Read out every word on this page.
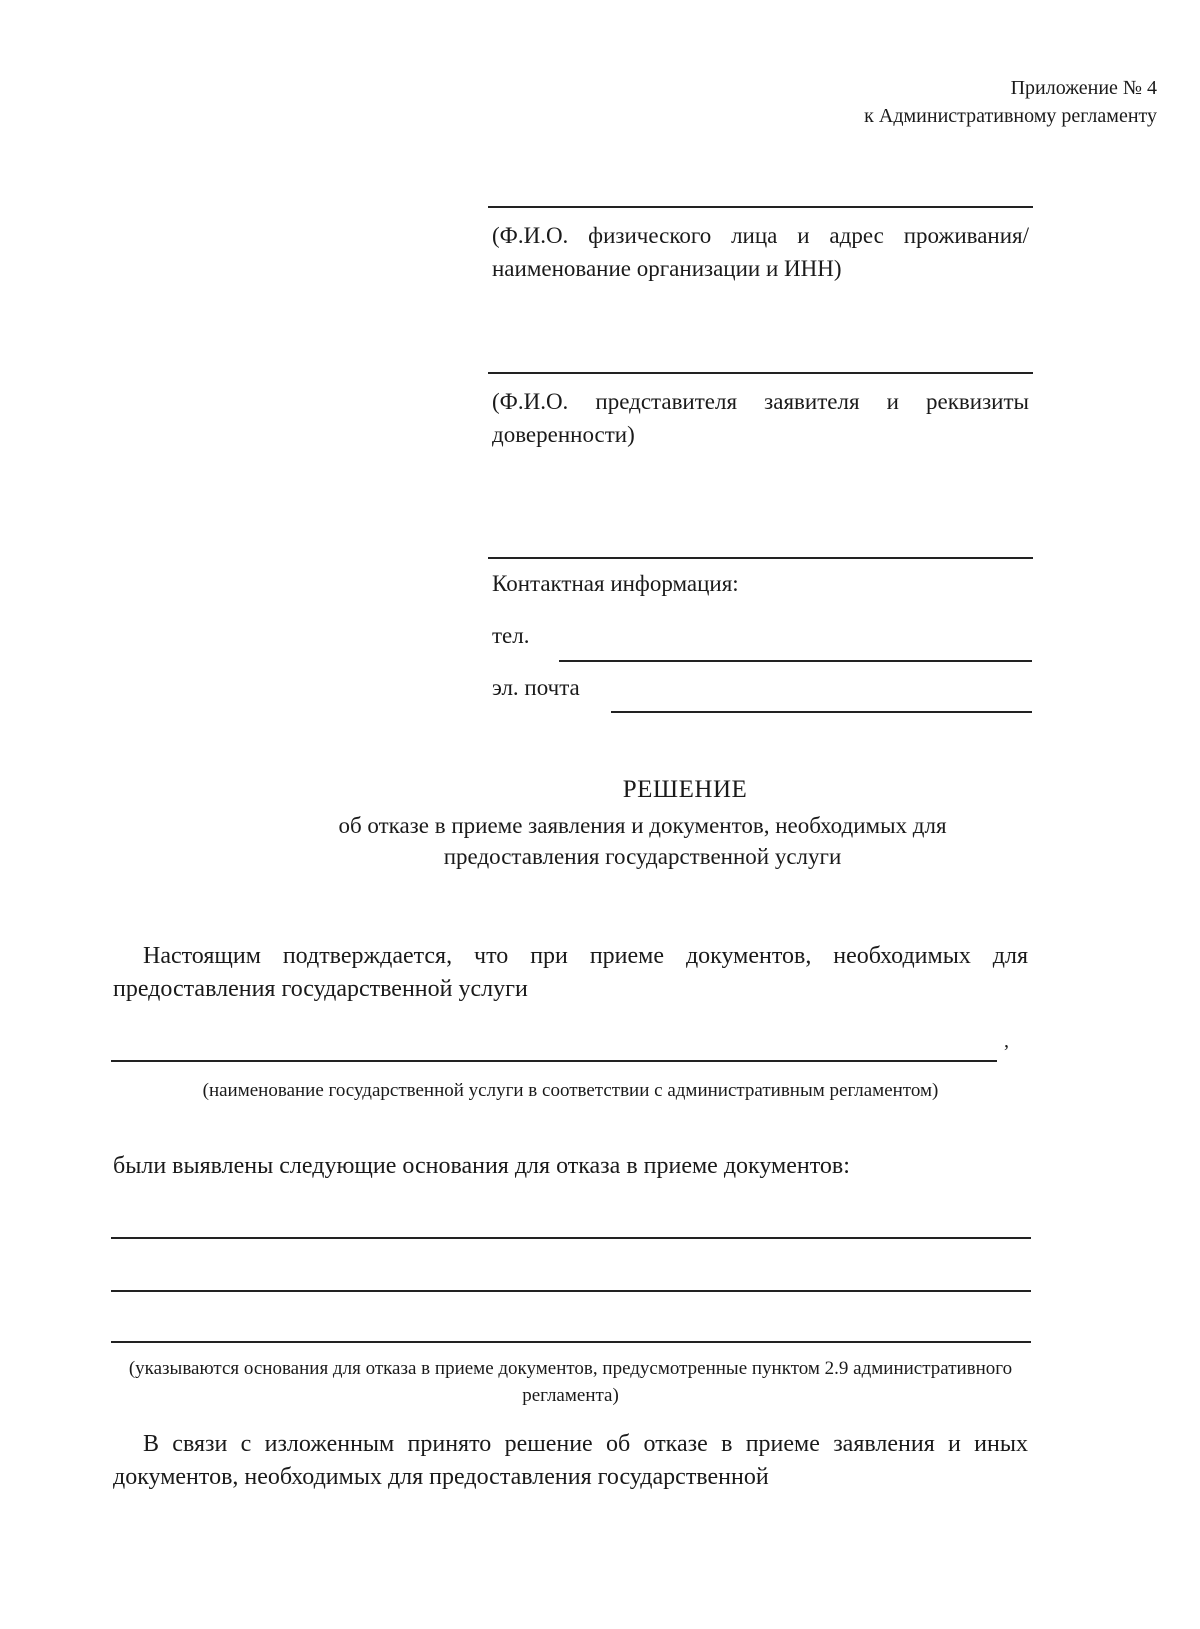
Приложение № 4
к Административному регламенту
(Ф.И.О. физического лица и адрес проживания/наименование организации и ИНН)
(Ф.И.О. представителя заявителя и реквизиты доверенности)
Контактная информация:
тел.
эл. почта
РЕШЕНИЕ
об отказе в приеме заявления и документов, необходимых для
предоставления государственной услуги
Настоящим подтверждается, что при приеме документов, необходимых для предоставления государственной услуги
,
(наименование государственной услуги в соответствии с административным регламентом)
были выявлены следующие основания для отказа в приеме документов:
(указываются основания для отказа в приеме документов, предусмотренные пунктом 2.9 административного регламента)
В связи с изложенным принято решение об отказе в приеме заявления и иных документов, необходимых для предоставления государственной
